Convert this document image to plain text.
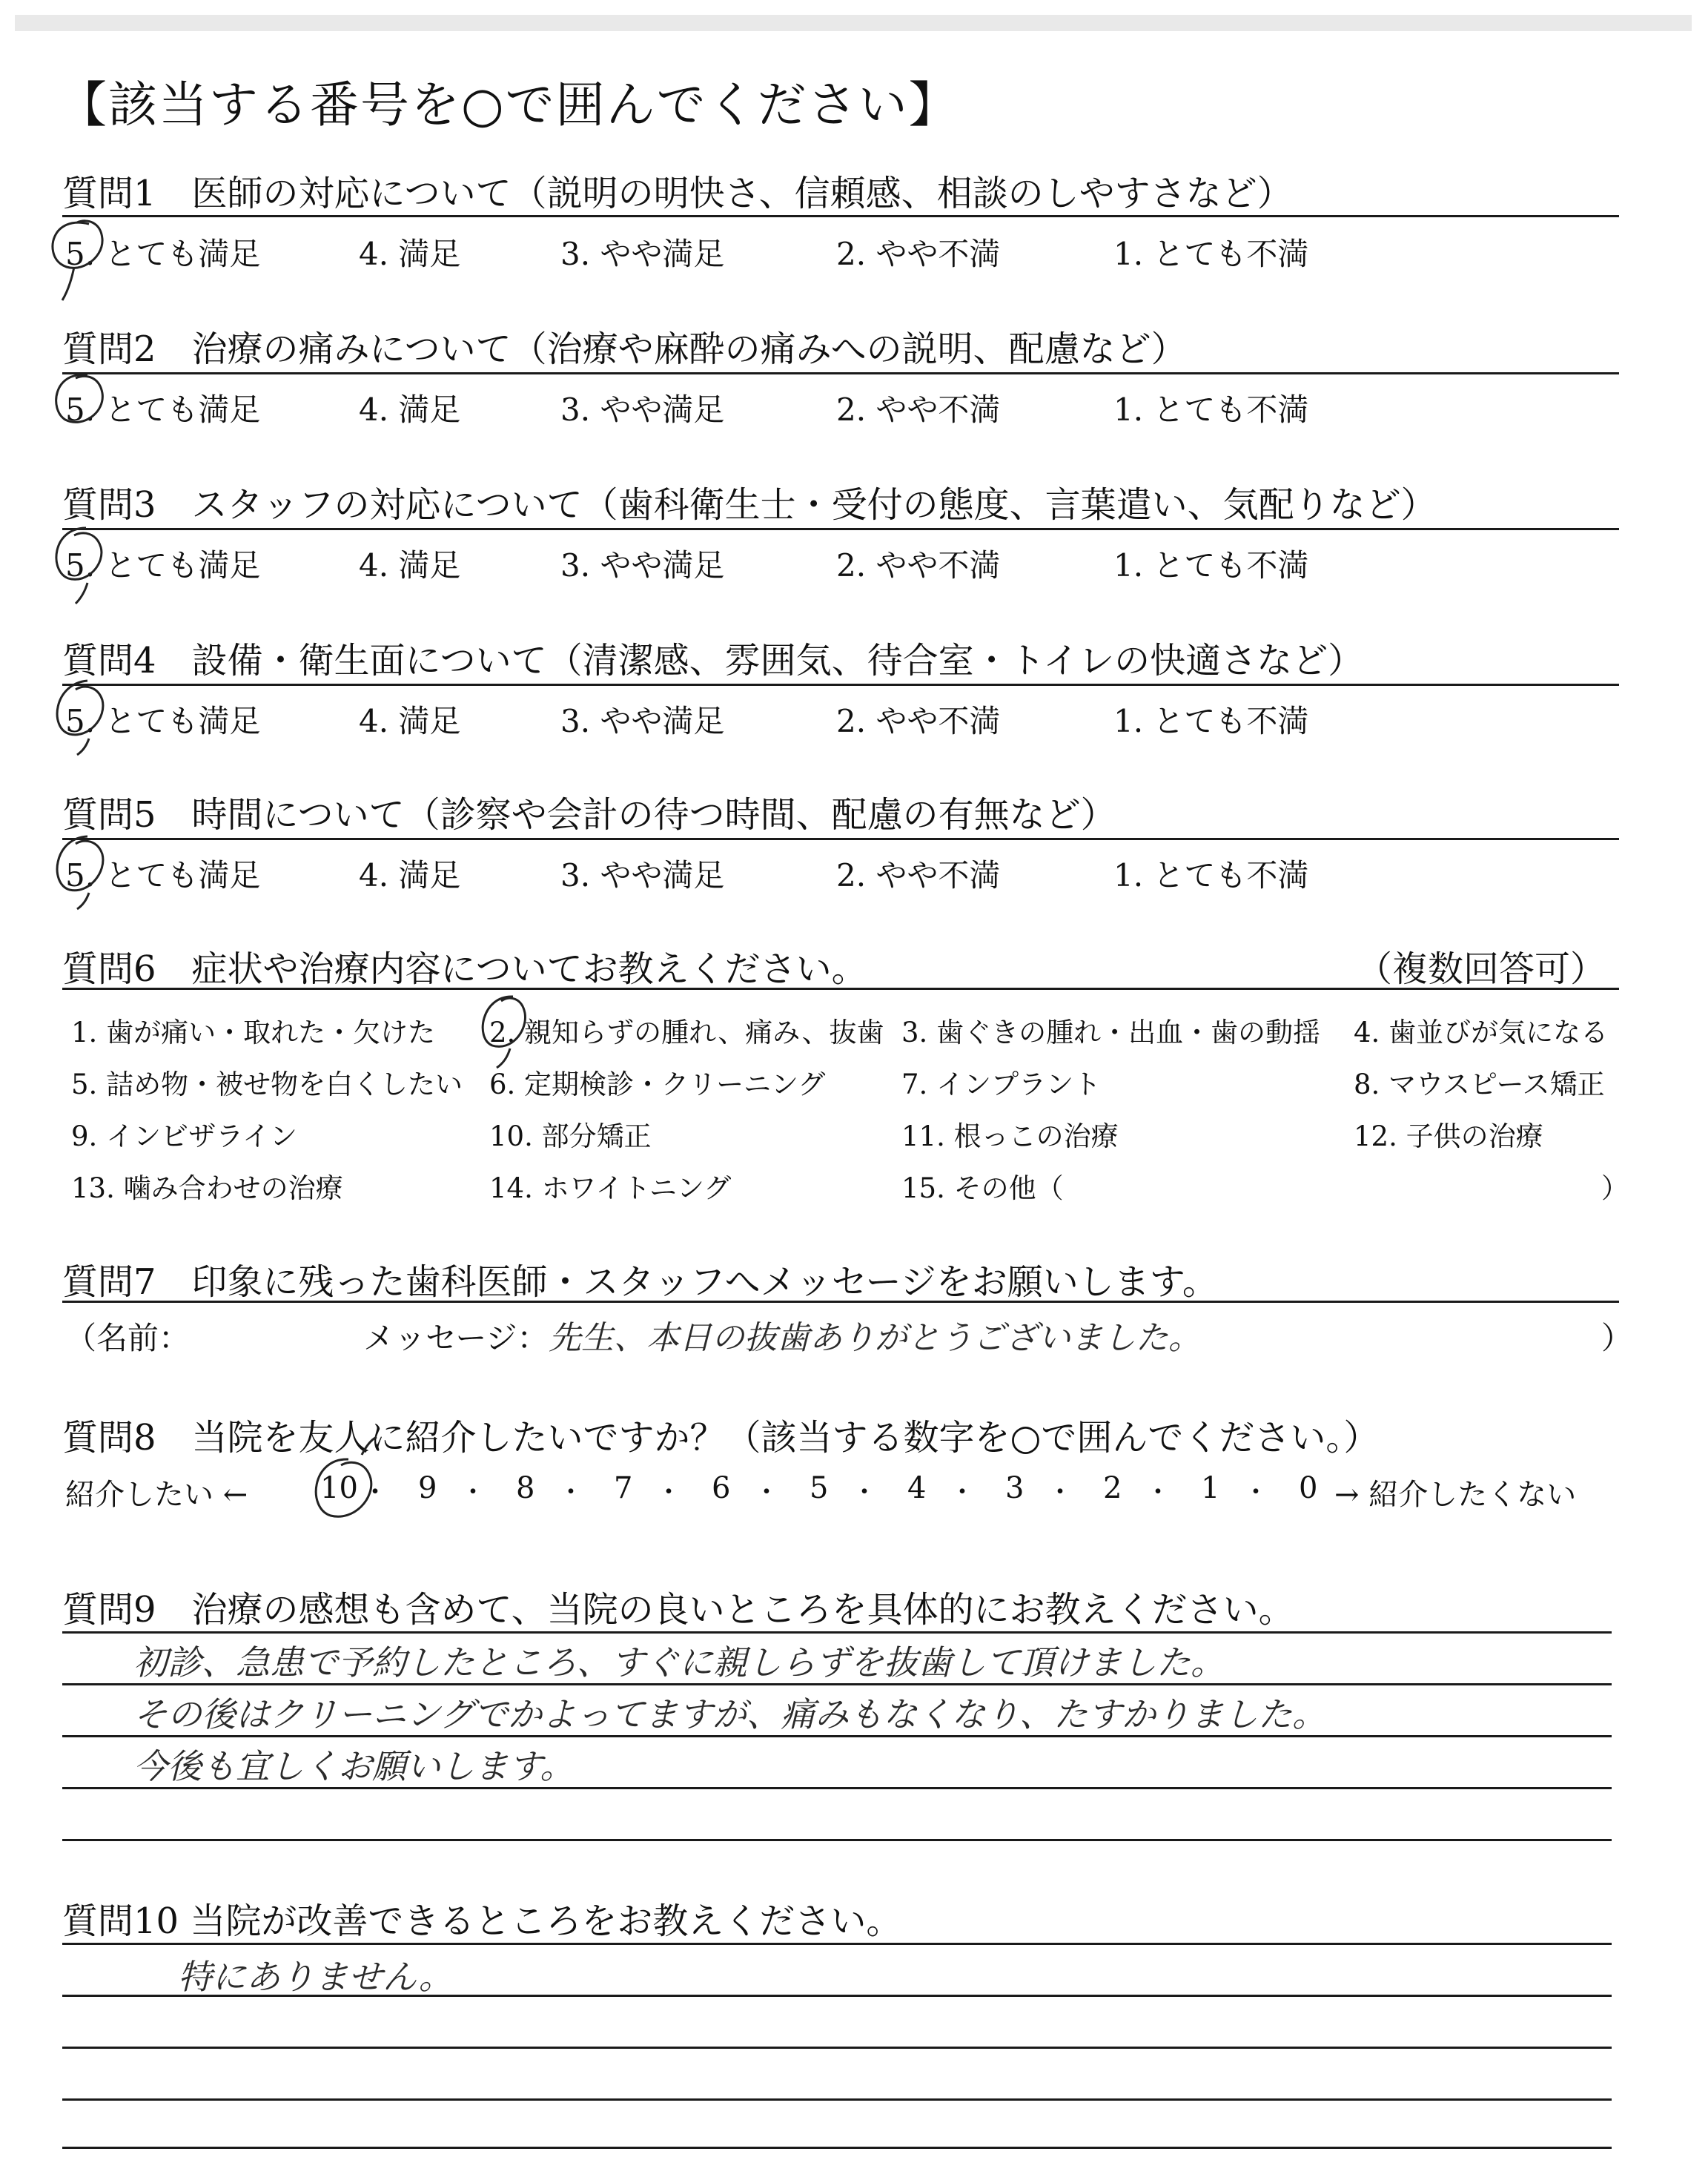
【該当する番号を○で囲んでください】
質問1　医師の対応について（説明の明快さ、信頼感、相談のしやすさなど）
5. とても満足	4. 満足	3. やや満足	2. やや不満	1. とても不満
質問2　治療の痛みについて（治療や麻酔の痛みへの説明、配慮など）
5. とても満足	4. 満足	3. やや満足	2. やや不満	1. とても不満
質問3　スタッフの対応について（歯科衛生士・受付の態度、言葉遣い、気配りなど）
5. とても満足	4. 満足	3. やや満足	2. やや不満	1. とても不満
質問4　設備・衛生面について（清潔感、雰囲気、待合室・トイレの快適さなど）
5. とても満足	4. 満足	3. やや満足	2. やや不満	1. とても不満
質問5　時間について（診察や会計の待つ時間、配慮の有無など）
5. とても満足	4. 満足	3. やや満足	2. やや不満	1. とても不満
質問6　症状や治療内容についてお教えください。	（複数回答可）
1. 歯が痛い・取れた・欠けた 2. 親知らずの腫れ、痛み、抜歯 3. 歯ぐきの腫れ・出血・歯の動揺 4. 歯並びが気になる
5. 詰め物・被せ物を白くしたい 6. 定期検診・クリーニング	7. インプラント	8. マウスピース矯正
9. インビザライン	10. 部分矯正	11. 根っこの治療	12. 子供の治療
13. 噛み合わせの治療	14. ホワイトニング	15. その他（	）
質問7　印象に残った歯科医師・スタッフへメッセージをお願いします。
（名前：	メッセージ： 先生、本日の抜歯ありがとうございました。	）
質問8　当院を友人に紹介したいですか？（該当する数字を○で囲んでください。）
紹介したい ← 10 ・ 9 ・ 8 ・ 7 ・ 6 ・ 5 ・ 4 ・ 3 ・ 2 ・ 1 ・ 0 → 紹介したくない
質問9　治療の感想も含めて、当院の良いところを具体的にお教えください。
初診、急患で予約したところ、すぐに親しらずを抜歯して頂けました。
その後はクリーニングでかよってますが、痛みもなくなり、たすかりました。
今後も宜しくお願いします。
質問10 当院が改善できるところをお教えください。
特にありません。
